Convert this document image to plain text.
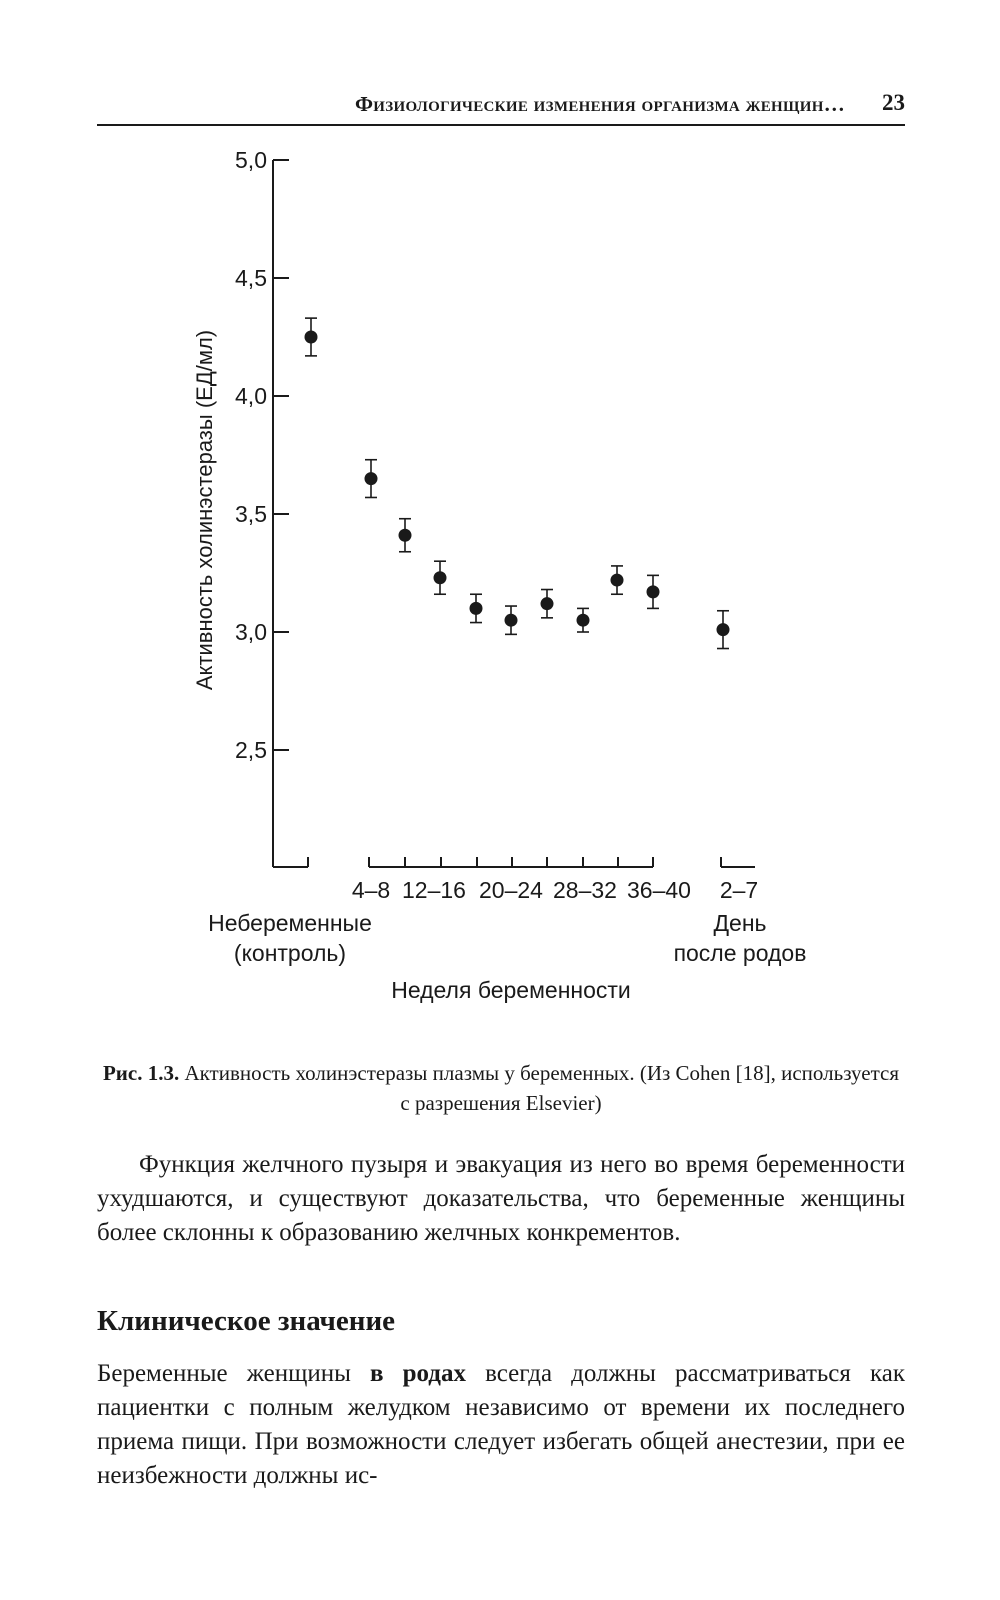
Физиологические изменения организма женщин… 23
5,0
4,5
4,0
3,5
3,0
2,5
Активность холинэстеразы (ЕД/мл)
4–8 12–16 20–24 28–32 36–40 2–7
Небеременные
(контроль)
День
после родов
Неделя беременности
Рис. 1.3. Активность холинэстеразы плазмы у беременных. (Из Cohen [18], используется с разрешения Elsevier)
Функция желчного пузыря и эвакуация из него во время беременности ухудшаются, и существуют доказательства, что беременные женщины более склонны к образованию желчных конкрементов.
Клиническое значение
Беременные женщины в родах всегда должны рассматриваться как пациентки с полным желудком независимо от времени их последнего приема пищи. При возможности следует избегать общей анестезии, при ее неизбежности должны ис-
